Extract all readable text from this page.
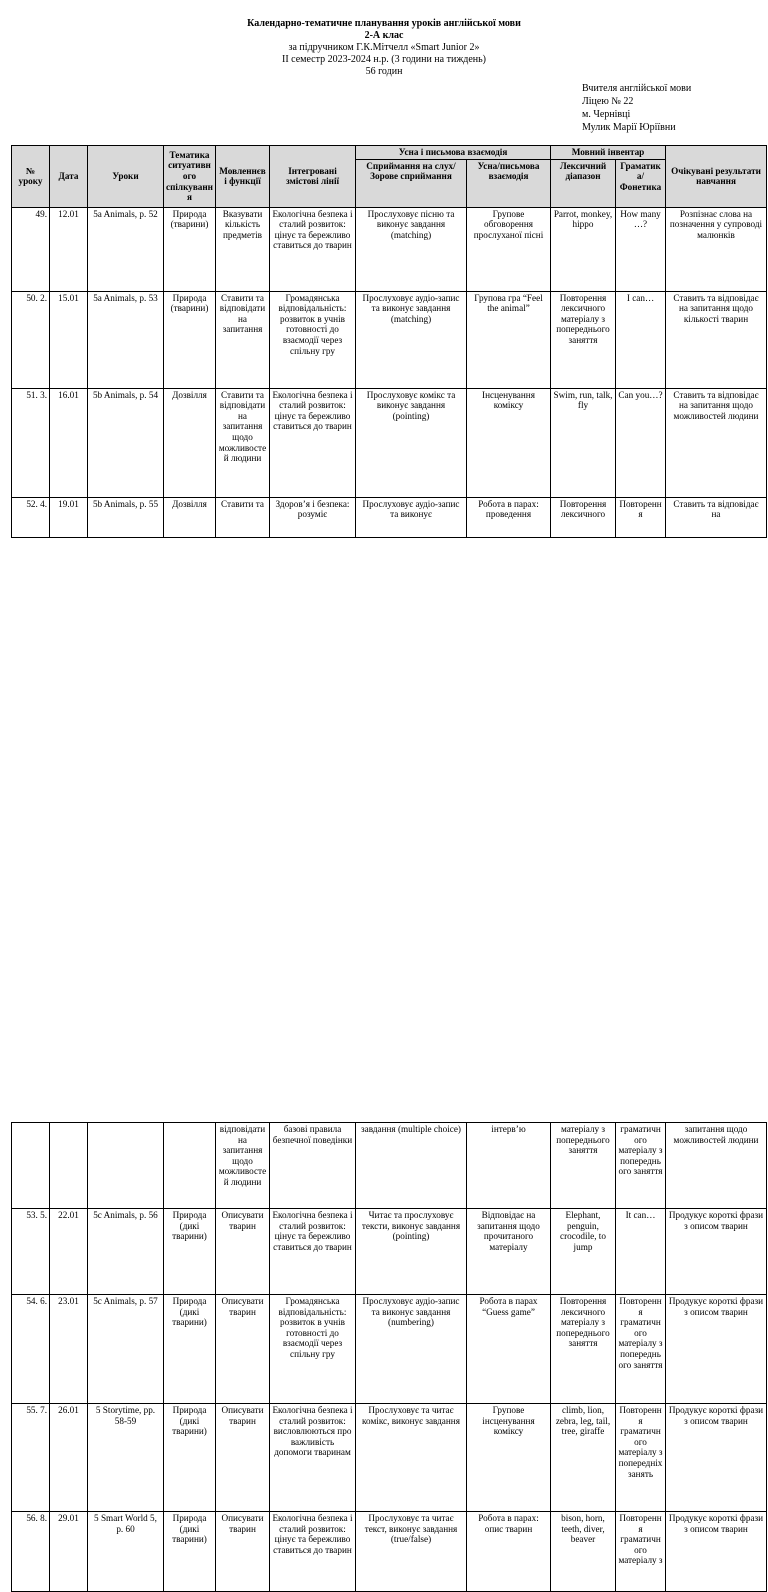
Календарно-тематичне планування уроків англійської мови
2-А клас
за підручником Г.К.Мітчелл «Smart Junior 2»
ІІ семестр 2023-2024 н.р. (3 години на тиждень)
56 годин
Вчителя англійської мови
Ліцею № 22
м. Чернівці
Мулик Марії Юріївни
№ уроку	Дата	Уроки	Тематика ситуативного спілкування	Мовленнєві функції	Інтегровані змістові лінії	Усна і письмова взаємодія		Мовний інвентар		Очікувані результати навчання
						Сприймання на слух/Зорове сприймання	Усна/письмова взаємодія	Лексичний діапазон	Граматика/ Фонетика	
49.	12.01	5a Animals, p. 52	Природа (тварини)	Вказувати кількість предметів	Екологічна безпека і сталий розвиток: цінує та бережливо ставиться до тварин	Прослуховує пісню та виконує завдання (matching)	Групове обговорення прослуханої пісні	Parrot, monkey, hippo	How many …?	Розпізнає слова на позначення у супроводі малюнків
50. 2.	15.01	5a Animals, p. 53	Природа (тварини)	Ставити та відповідати на запитання	Громадянська відповідальність: розвиток в учнів готовності до взаємодії через спільну гру	Прослуховує аудіо-запис та виконує завдання (matching)	Групова гра “Feel the animal”	Повторення лексичного матеріалу з попереднього заняття	I can…	Ставить та відповідає на запитання щодо кількості тварин
51. 3.	16.01	5b Animals, p. 54	Дозвілля	Ставити та відповідати на запитання щодо можливостей людини	Екологічна безпека і сталий розвиток: цінує та бережливо ставиться до тварин	Прослуховує комікс та виконує завдання (pointing)	Інсценування коміксу	Swim, run, talk, fly	Can you…?	Ставить та відповідає на запитання щодо можливостей людини
52. 4.	19.01	5b Animals, p. 55	Дозвілля	Ставити та	Здоров’я і безпека: розуміє	Прослуховує аудіо-запис та виконує	Робота в парах: проведення	Повторення лексичного	Повторення	Ставить та відповідає на
				відповідати на запитання щодо можливостей людини	базові правила безпечної поведінки	завдання (multiple choice)	інтерв’ю	матеріалу з попереднього заняття	граматичного матеріалу з попереднього заняття	запитання щодо можливостей людини
53. 5.	22.01	5c Animals, p. 56	Природа (дикі тварини)	Описувати тварин	Екологічна безпека і сталий розвиток: цінує та бережливо ставиться до тварин	Читає та прослуховує тексти, виконує завдання (pointing)	Відповідає на запитання щодо прочитаного матеріалу	Elephant, penguin, crocodile, to jump	It can…	Продукує короткі фрази з описом тварин
54. 6.	23.01	5c Animals, p. 57	Природа (дикі тварини)	Описувати тварин	Громадянська відповідальність: розвиток в учнів готовності до взаємодії через спільну гру	Прослуховує аудіо-запис та виконує завдання (numbering)	Робота в парах “Guess game”	Повторення лексичного матеріалу з попереднього заняття	Повторення граматичного матеріалу з попереднього заняття	Продукує короткі фрази з описом тварин
55. 7.	26.01	5 Storytime, pp. 58-59	Природа (дикі тварини)	Описувати тварин	Екологічна безпека і сталий розвиток: висловлюються про важливість допомоги тваринам	Прослуховує та читає комікс, виконує завдання	Групове інсценування коміксу	climb, lion, zebra, leg, tail, tree, giraffe	Повторення граматичного матеріалу з попередніх занять	Продукує короткі фрази з описом тварин
56. 8.	29.01	5 Smart World 5, p. 60	Природа (дикі тварини)	Описувати тварин	Екологічна безпека і сталий розвиток: цінує та бережливо ставиться до тварин	Прослуховує та читає текст, виконує завдання (true/false)	Робота в парах: опис тварин	bison, horn, teeth, diver, beaver	Повторення граматичного матеріалу з	Продукує короткі фрази з описом тварин
